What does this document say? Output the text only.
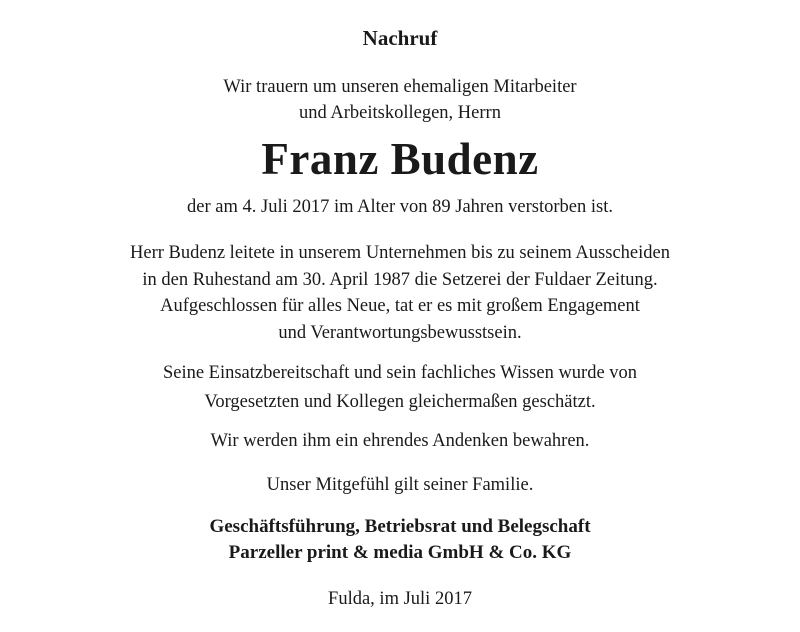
Nachruf

Wir trauern um unseren ehemaligen Mitarbeiter
und Arbeitskollegen, Herrn

Franz Budenz

der am 4. Juli 2017 im Alter von 89 Jahren verstorben ist.

Herr Budenz leitete in unserem Unternehmen bis zu seinem Ausscheiden
in den Ruhestand am 30. April 1987 die Setzerei der Fuldaer Zeitung.
Aufgeschlossen für alles Neue, tat er es mit großem Engagement
und Verantwortungsbewusstsein.

Seine Einsatzbereitschaft und sein fachliches Wissen wurde von
Vorgesetzten und Kollegen gleichermaßen geschätzt.

Wir werden ihm ein ehrendes Andenken bewahren.

Unser Mitgefühl gilt seiner Familie.

Geschäftsführung, Betriebsrat und Belegschaft
Parzeller print & media GmbH & Co. KG

Fulda, im Juli 2017
